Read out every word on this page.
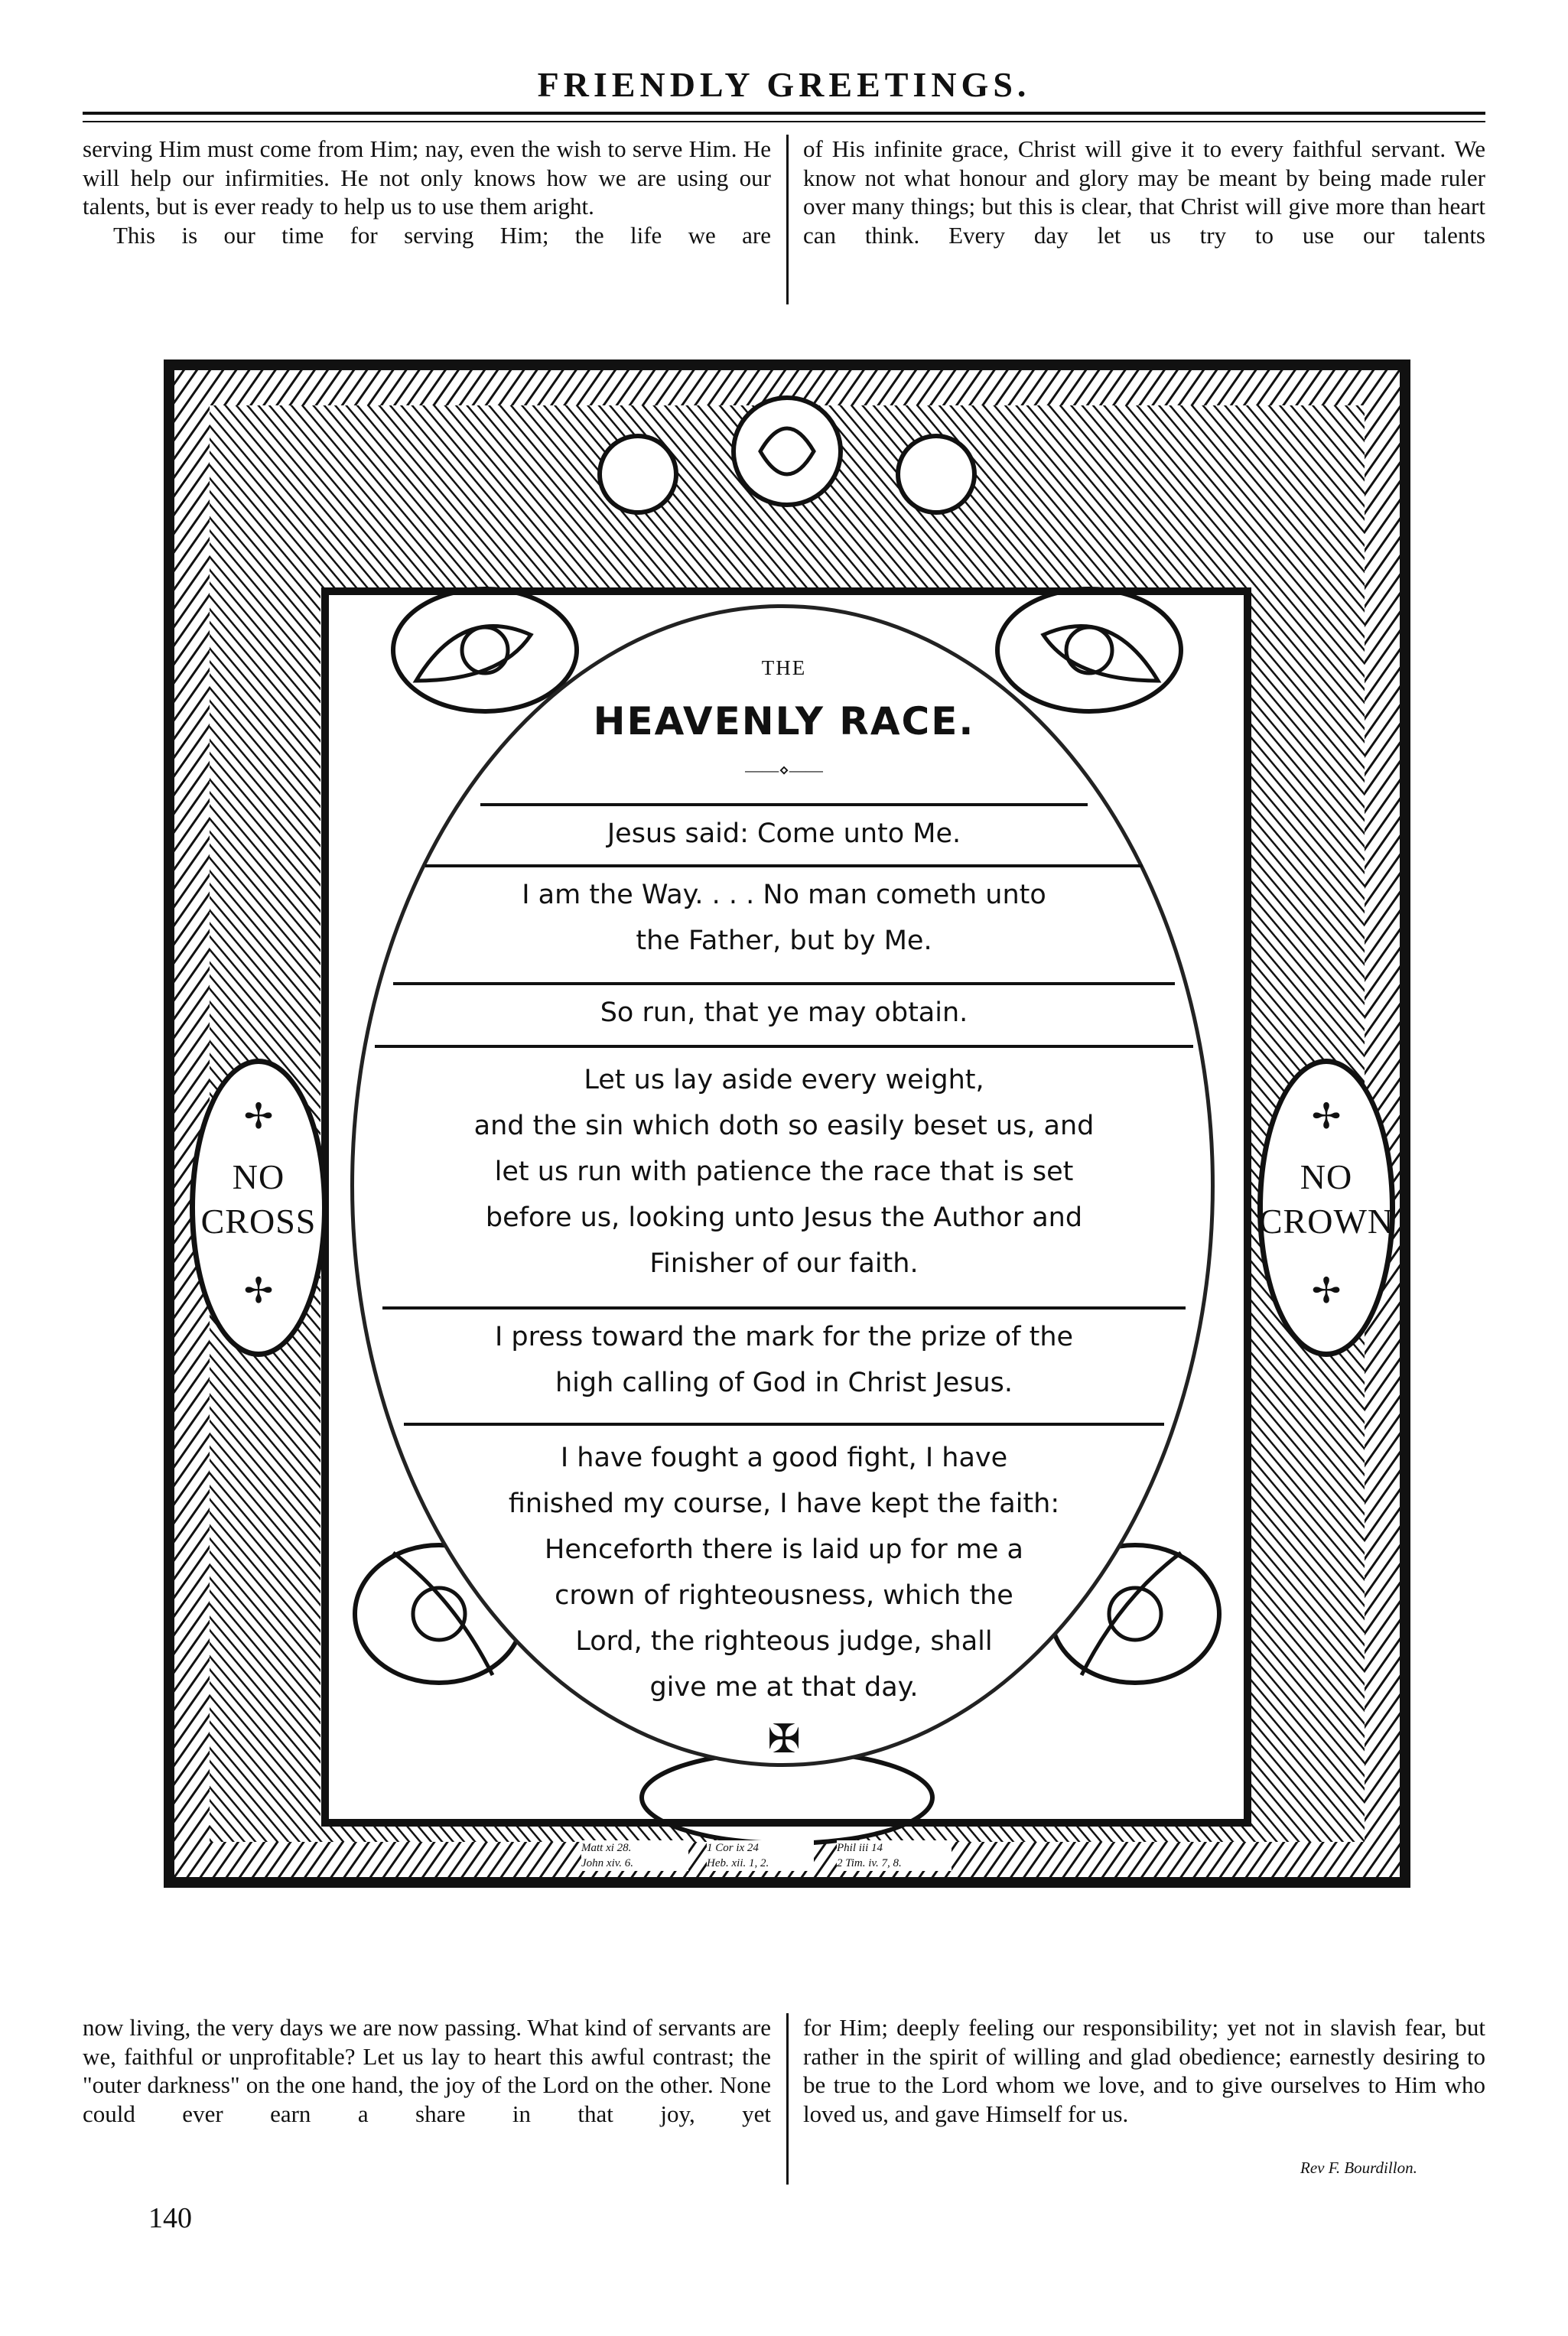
FRIENDLY GREETINGS.

serving Him must come from Him; nay, even the wish to serve Him. He will help our infirmities. He not only knows how we are using our talents, but is ever ready to help us to use them aright.

This is our time for serving Him; the life we are

of His infinite grace, Christ will give it to every faithful servant. We know not what honour and glory may be meant by being made ruler over many things; but this is clear, that Christ will give more than heart can think. Every day let us try to use our talents

✢
NO
CROSS
✢
✢
NO
CROWN
✢
THE
HEAVENLY RACE.
——⋄——
Jesus said: Come unto Me.
I am the Way. . . . No man cometh unto
the Father, but by Me.
So run, that ye may obtain.
Let us lay aside every weight,
and the sin which doth so easily beset us, and
let us run with patience the race that is set
before us, looking unto Jesus the Author and
Finisher of our faith.
I press toward the mark for the prize of the
high calling of God in Christ Jesus.
I have fought a good fight, I have
finished my course, I have kept the faith:
Henceforth there is laid up for me a
crown of righteousness, which the
Lord, the righteous judge, shall
give me at that day.
✠
Matt xi 28.
John xiv. 6.
1 Cor ix 24
Heb. xii. 1, 2.
Phil iii 14
2 Tim. iv. 7, 8.

now living, the very days we are now passing. What kind of servants are we, faithful or unprofitable? Let us lay to heart this awful contrast; the "outer darkness" on the one hand, the joy of the Lord on the other. None could ever earn a share in that joy, yet

for Him; deeply feeling our responsibility; yet not in slavish fear, but rather in the spirit of willing and glad obedience; earnestly desiring to be true to the Lord whom we love, and to give ourselves to Him who loved us, and gave Himself for us.

Rev F. Bourdillon.
140
